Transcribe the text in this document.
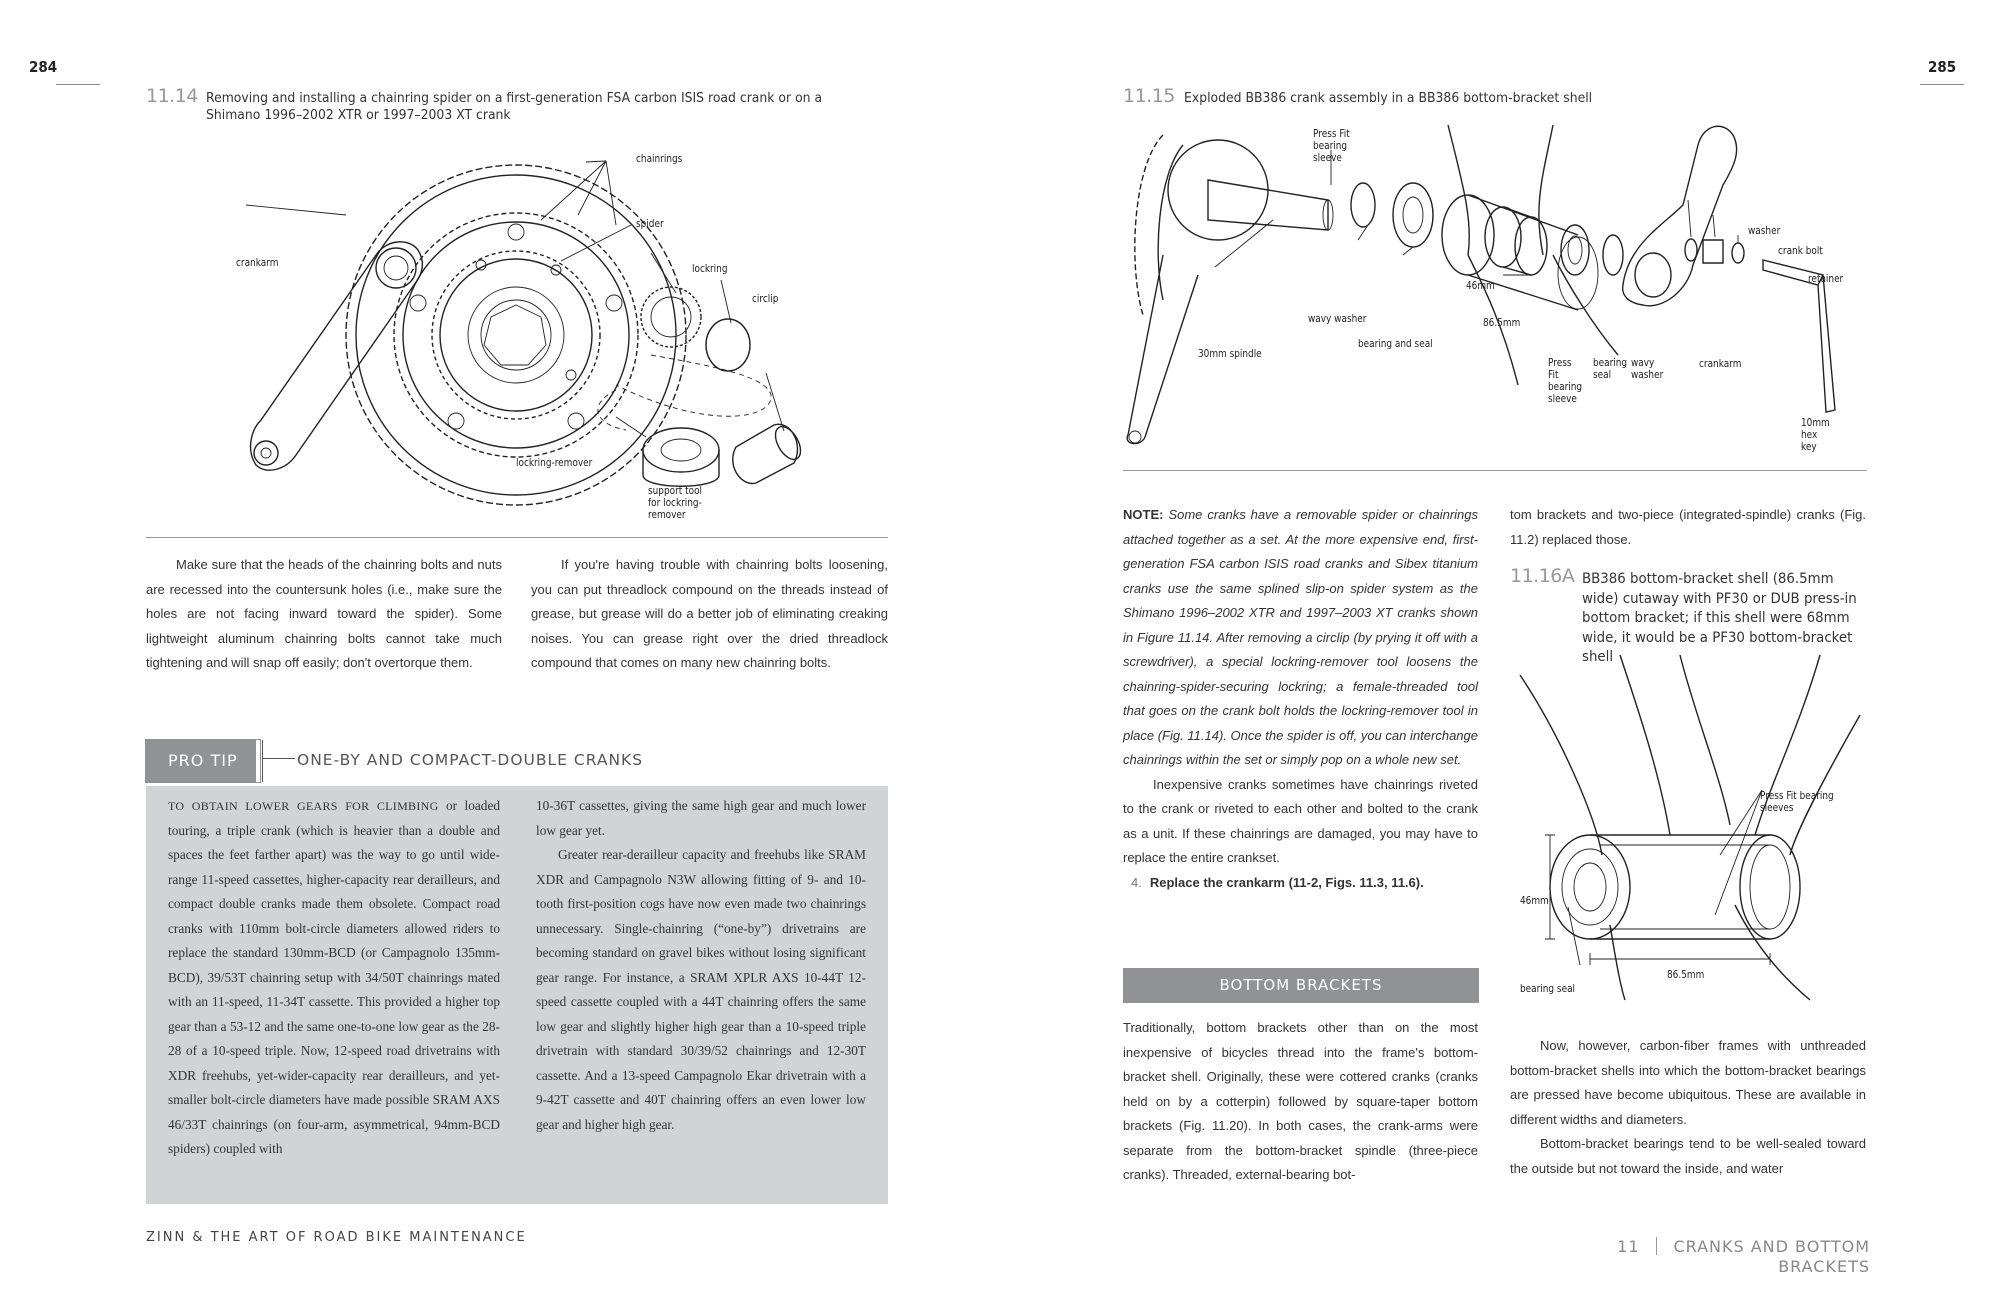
284
11.14 Removing and installing a chainring spider on a first-generation FSA carbon ISIS road crank or on a Shimano 1996–2002 XTR or 1997–2003 XT crank
chainrings
spider
crankarm	lockring
circlip
lockring-remover
support tool for lockring-remover

Make sure that the heads of the chainring bolts and nuts are recessed into the countersunk holes (i.e., make sure the holes are not facing inward toward the spider). Some lightweight aluminum chainring bolts cannot take much tightening and will snap off easily; don't overtorque them.

If you're having trouble with chainring bolts loosening, you can put threadlock compound on the threads instead of grease, but grease will do a better job of eliminating creaking noises. You can grease right over the dried threadlock compound that comes on many new chainring bolts.

PRO TIP	ONE-BY AND COMPACT-DOUBLE CRANKS
TO OBTAIN LOWER GEARS FOR CLIMBING or loaded touring, a triple crank (which is heavier than a double and spaces the feet farther apart) was the way to go until wide-range 11-speed cassettes, higher-capacity rear derailleurs, and compact double cranks made them obsolete. Compact road cranks with 110mm bolt-circle diameters allowed riders to replace the standard 130mm-BCD (or Campagnolo 135mm-BCD), 39/53T chainring setup with 34/50T chainrings mated with an 11-speed, 11-34T cassette. This provided a higher top gear than a 53-12 and the same one-to-one low gear as the 28-28 of a 10-speed triple. Now, 12-speed road drivetrains with XDR freehubs, yet-wider-capacity rear derailleurs, and yet-smaller bolt-circle diameters have made possible SRAM AXS 46/33T chainrings (on four-arm, asymmetrical, 94mm-BCD spiders) coupled with
10-36T cassettes, giving the same high gear and much lower low gear yet.

Greater rear-derailleur capacity and freehubs like SRAM XDR and Campagnolo N3W allowing fitting of 9- and 10-tooth first-position cogs have now even made two chainrings unnecessary. Single-chainring (“one-by”) drivetrains are becoming standard on gravel bikes without losing significant gear range. For instance, a SRAM XPLR AXS 10-44T 12-speed cassette coupled with a 44T chainring offers the same low gear and slightly higher high gear than a 10-speed triple drivetrain with standard 30/39/52 chainrings and 12-30T cassette. And a 13-speed Campagnolo Ekar drivetrain with a 9-42T cassette and 40T chainring offers an even lower low gear and higher high gear.

ZINN & THE ART OF ROAD BIKE MAINTENANCE
285
11.15 Exploded BB386 crank assembly in a BB386 bottom-bracket shell
Press Fit bearing sleeve
wavy washer
bearing and seal
30mm spindle
46mm
86.5mm
Press Fit bearing sleeve
bearing seal
wavy washer
crankarm
washer
crank bolt
retainer
10mm hex key
NOTE: Some cranks have a removable spider or chainrings attached together as a set. At the more expensive end, first-generation FSA carbon ISIS road cranks and Sibex titanium cranks use the same splined slip-on spider system as the Shimano 1996–2002 XTR and 1997–2003 XT cranks shown in Figure 11.14. After removing a circlip (by prying it off with a screwdriver), a special lockring-remover tool loosens the chainring-spider-securing lockring; a female-threaded tool that goes on the crank bolt holds the lockring-remover tool in place (Fig. 11.14). Once the spider is off, you can interchange chainrings within the set or simply pop on a whole new set.

Inexpensive cranks sometimes have chainrings riveted to the crank or riveted to each other and bolted to the crank as a unit. If these chainrings are damaged, you may have to replace the entire crankset.

4. Replace the crankarm (11-2, Figs. 11.3, 11.6).
BOTTOM BRACKETS
Traditionally, bottom brackets other than on the most inexpensive of bicycles thread into the frame's bottom-bracket shell. Originally, these were cottered cranks (cranks held on by a cotterpin) followed by square-taper bottom brackets (Fig. 11.20). In both cases, the crank-arms were separate from the bottom-bracket spindle (three-piece cranks). Threaded, external-bearing bot-
tom brackets and two-piece (integrated-spindle) cranks (Fig. 11.2) replaced those.
11.16A BB386 bottom-bracket shell (86.5mm wide) cutaway with PF30 or DUB press-in bottom bracket; if this shell were 68mm wide, it would be a PF30 bottom-bracket shell
Press Fit bearing sleeves
46mm
86.5mm
bearing seal

Now, however, carbon-fiber frames with unthreaded bottom-bracket shells into which the bottom-bracket bearings are pressed have become ubiquitous. These are available in different widths and diameters.

Bottom-bracket bearings tend to be well-sealed toward the outside but not toward the inside, and water

11 CRANKS AND BOTTOM BRACKETS
